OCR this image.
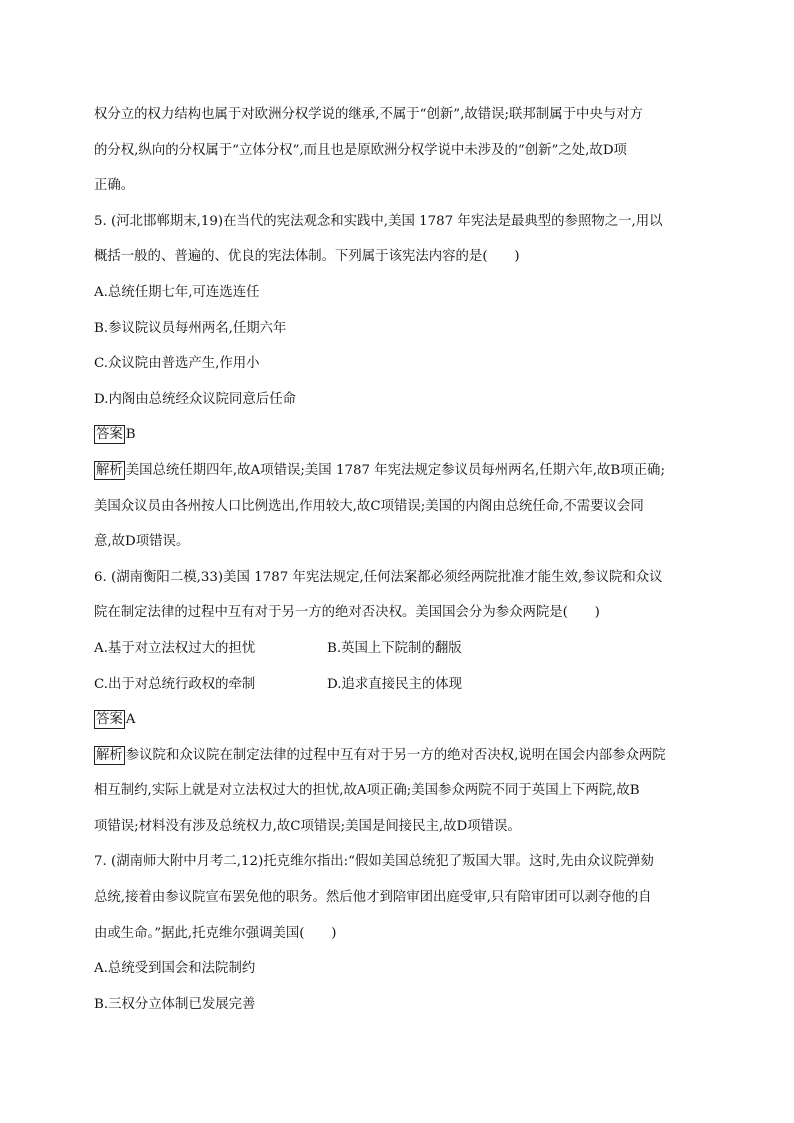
权分立的权力结构也属于对欧洲分权学说的继承,不属于“创新”,故错误;联邦制属于中央与对方
的分权,纵向的分权属于“立体分权”,而且也是原欧洲分权学说中未涉及的“创新”之处,故D项
正确。
5. (河北邯郸期末,19)在当代的宪法观念和实践中,美国 1787 年宪法是最典型的参照物之一,用以
概括一般的、普遍的、优良的宪法体制。下列属于该宪法内容的是(　　)
A.总统任期七年,可连选连任
B.参议院议员每州两名,任期六年
C.众议院由普选产生,作用小
D.内阁由总统经众议院同意后任命
答案 B
解析 美国总统任期四年,故A项错误;美国 1787 年宪法规定参议员每州两名,任期六年,故B项正确;
美国众议员由各州按人口比例选出,作用较大,故C项错误;美国的内阁由总统任命,不需要议会同
意,故D项错误。
6. (湖南衡阳二模,33)美国 1787 年宪法规定,任何法案都必须经两院批准才能生效,参议院和众议
院在制定法律的过程中互有对于另一方的绝对否决权。美国国会分为参众两院是(　　)
A.基于对立法权过大的担忧	B.英国上下院制的翻版
C.出于对总统行政权的牵制	D.追求直接民主的体现
答案 A
解析 参议院和众议院在制定法律的过程中互有对于另一方的绝对否决权,说明在国会内部参众两院
相互制约,实际上就是对立法权过大的担忧,故A项正确;美国参众两院不同于英国上下两院,故B
项错误;材料没有涉及总统权力,故C项错误;美国是间接民主,故D项错误。
7. (湖南师大附中月考二,12)托克维尔指出:“假如美国总统犯了叛国大罪。这时,先由众议院弹劾
总统,接着由参议院宣布罢免他的职务。然后他才到陪审团出庭受审,只有陪审团可以剥夺他的自
由或生命。”据此,托克维尔强调美国(　　)
A.总统受到国会和法院制约
B.三权分立体制已发展完善
